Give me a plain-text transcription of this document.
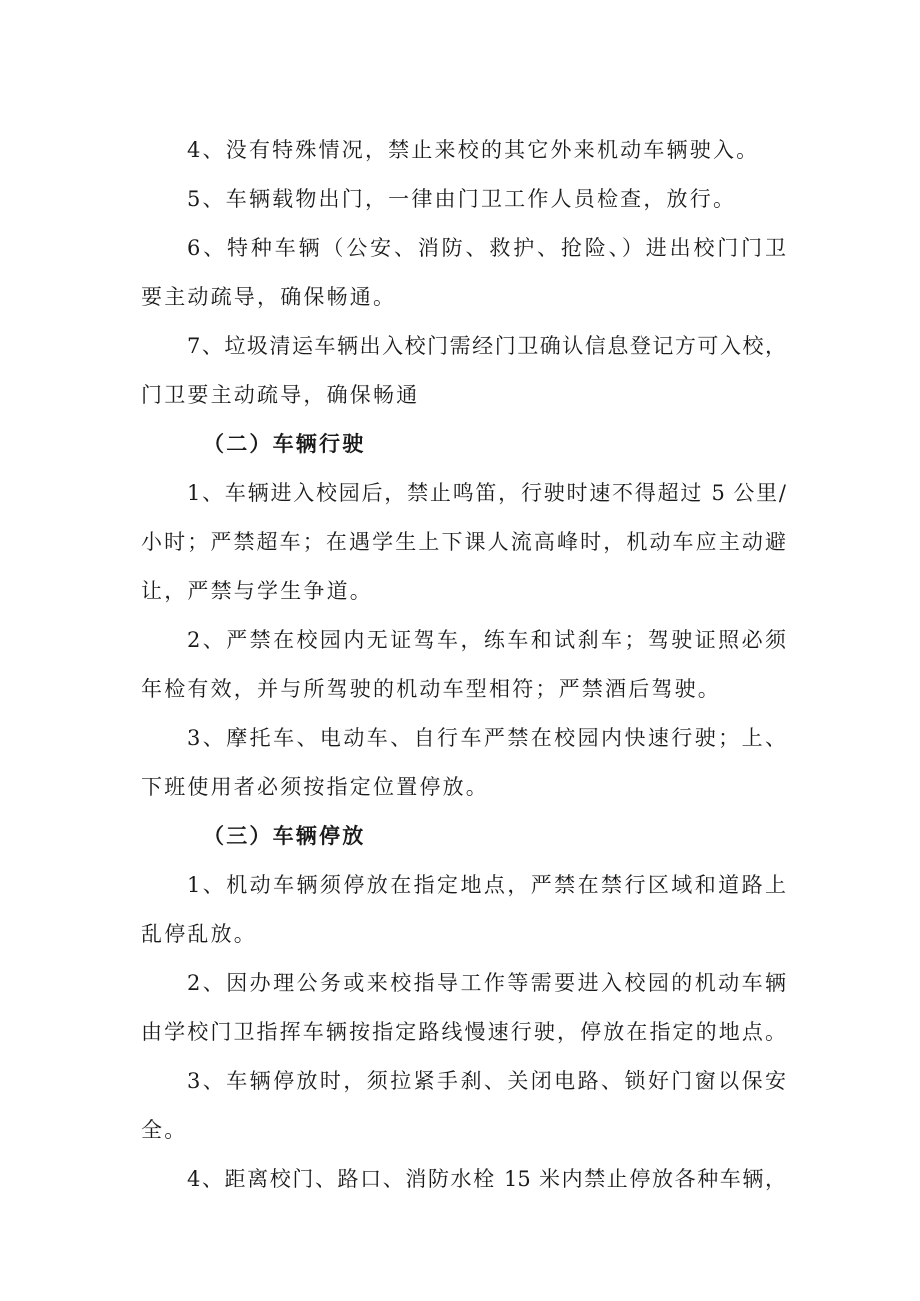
4、没有特殊情况，禁止来校的其它外来机动车辆驶入。

5、车辆载物出门，一律由门卫工作人员检查，放行。

6、特种车辆（公安、消防、救护、抢险、）进出校门门卫

要主动疏导，确保畅通。

7、垃圾清运车辆出入校门需经门卫确认信息登记方可入校，

门卫要主动疏导，确保畅通

（二）车辆行驶

1、车辆进入校园后，禁止鸣笛，行驶时速不得超过 5 公里/

小时；严禁超车；在遇学生上下课人流高峰时，机动车应主动避

让，严禁与学生争道。

2、严禁在校园内无证驾车，练车和试刹车；驾驶证照必须

年检有效，并与所驾驶的机动车型相符；严禁酒后驾驶。

3、摩托车、电动车、自行车严禁在校园内快速行驶；上、

下班使用者必须按指定位置停放。

（三）车辆停放

1、机动车辆须停放在指定地点，严禁在禁行区域和道路上

乱停乱放。

2、因办理公务或来校指导工作等需要进入校园的机动车辆

由学校门卫指挥车辆按指定路线慢速行驶，停放在指定的地点。

3、车辆停放时，须拉紧手刹、关闭电路、锁好门窗以保安

全。

4、距离校门、路口、消防水栓 15 米内禁止停放各种车辆，
